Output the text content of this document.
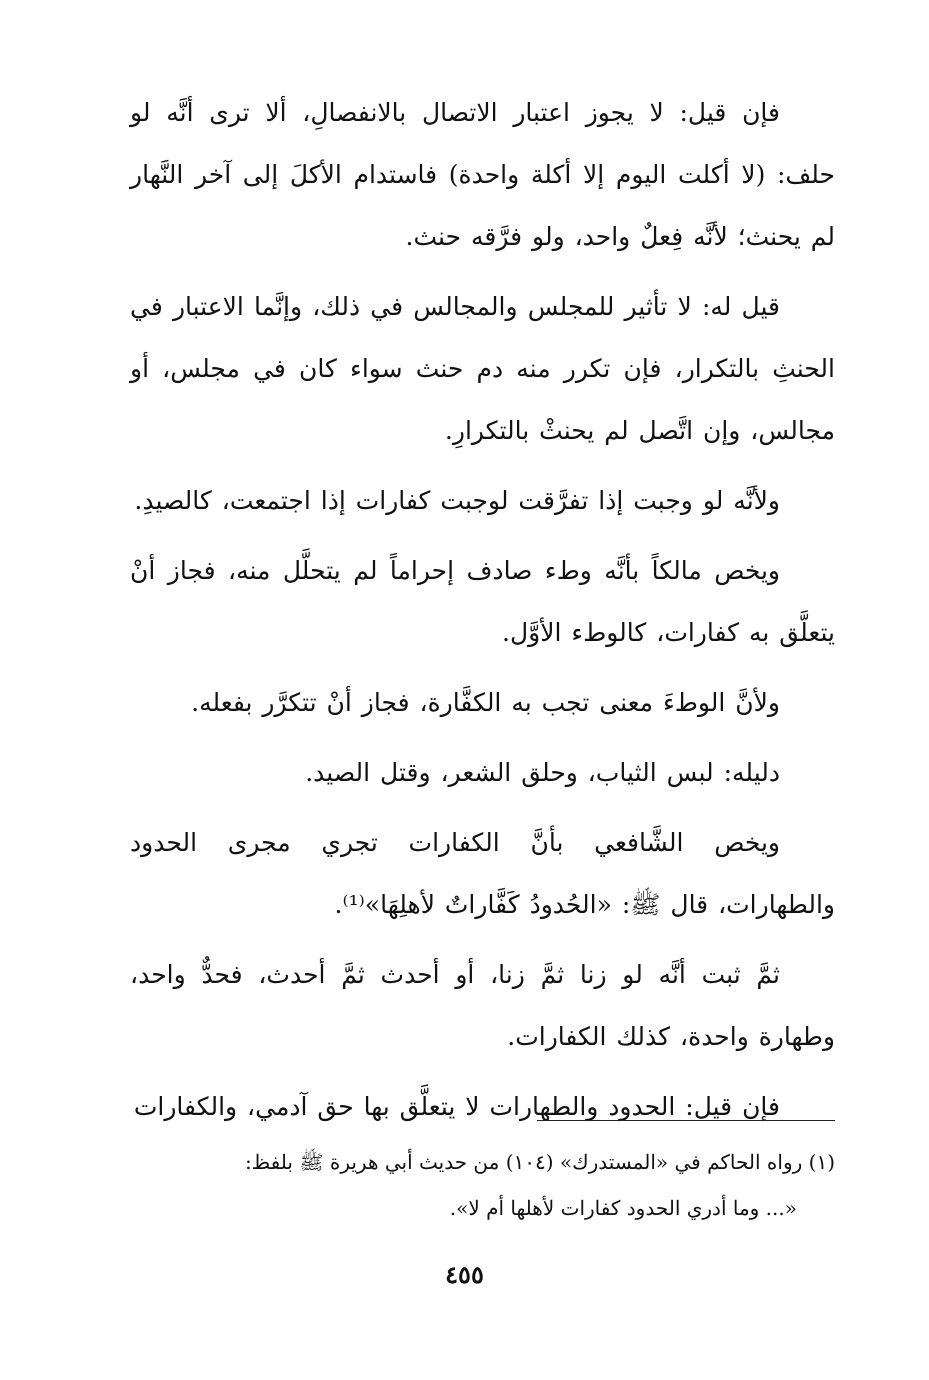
فإن قيل: لا يجوز اعتبار الاتصال بالانفصالِ، ألا ترى أنَّه لو حلف: (لا أكلت اليوم إلا أكلة واحدة) فاستدام الأكلَ إلى آخر النَّهار لم يحنث؛ لأنَّه فِعلٌ واحد، ولو فرَّقه حنث.

قيل له: لا تأثير للمجلس والمجالس في ذلك، وإنَّما الاعتبار في الحنثِ بالتكرار، فإن تكرر منه دم حنث سواء كان في مجلس، أو مجالس، وإن اتَّصل لم يحنثْ بالتكرارِ.

ولأنَّه لو وجبت إذا تفرَّقت لوجبت كفارات إذا اجتمعت، كالصيدِ.

ويخص مالكاً بأنَّه وطء صادف إحراماً لم يتحلَّل منه، فجاز أنْ يتعلَّق به كفارات، كالوطء الأوَّل.

ولأنَّ الوطءَ معنى تجب به الكفَّارة، فجاز أنْ تتكرَّر بفعله.

دليله: لبس الثياب، وحلق الشعر، وقتل الصيد.

ويخص الشَّافعي بأنَّ الكفارات تجري مجرى الحدود والطهارات، قال ﷺ: «الحُدودُ كَفَّاراتٌ لأهلِهَا»⁽¹⁾.

ثمَّ ثبت أنَّه لو زنا ثمَّ زنا، أو أحدث ثمَّ أحدث، فحدٌّ واحد، وطهارة واحدة، كذلك الكفارات.

فإن قيل: الحدود والطهارات لا يتعلَّق بها حق آدمي، والكفارات

(١) رواه الحاكم في «المستدرك» (١٠٤) من حديث أبي هريرة ﷺ بلفظ:
«... وما أدري الحدود كفارات لأهلها أم لا».
٤٥٥
